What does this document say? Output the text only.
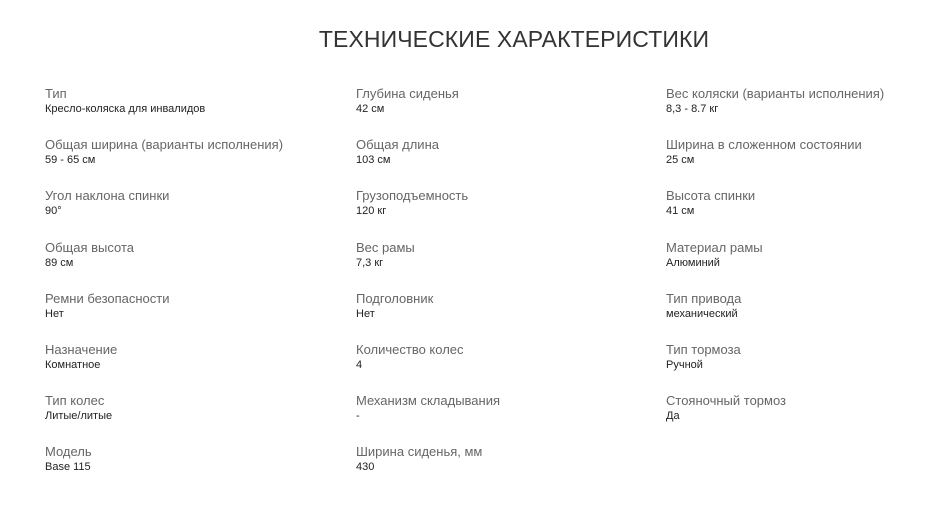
ТЕХНИЧЕСКИЕ ХАРАКТЕРИСТИКИ
Тип
Кресло-коляска для инвалидов
Глубина сиденья
42 см
Вес коляски (варианты исполнения)
8,3 - 8.7 кг
Общая ширина (варианты исполнения)
59 - 65 см
Общая длина
103 см
Ширина в сложенном состоянии
25 см
Угол наклона спинки
90°
Грузоподъемность
120 кг
Высота спинки
41 см
Общая высота
89 см
Вес рамы
7,3 кг
Материал рамы
Алюминий
Ремни безопасности
Нет
Подголовник
Нет
Тип привода
механический
Назначение
Комнатное
Количество колес
4
Тип тормоза
Ручной
Тип колес
Литые/литые
Механизм складывания
-
Стояночный тормоз
Да
Модель
Base 115
Ширина сиденья, мм
430
